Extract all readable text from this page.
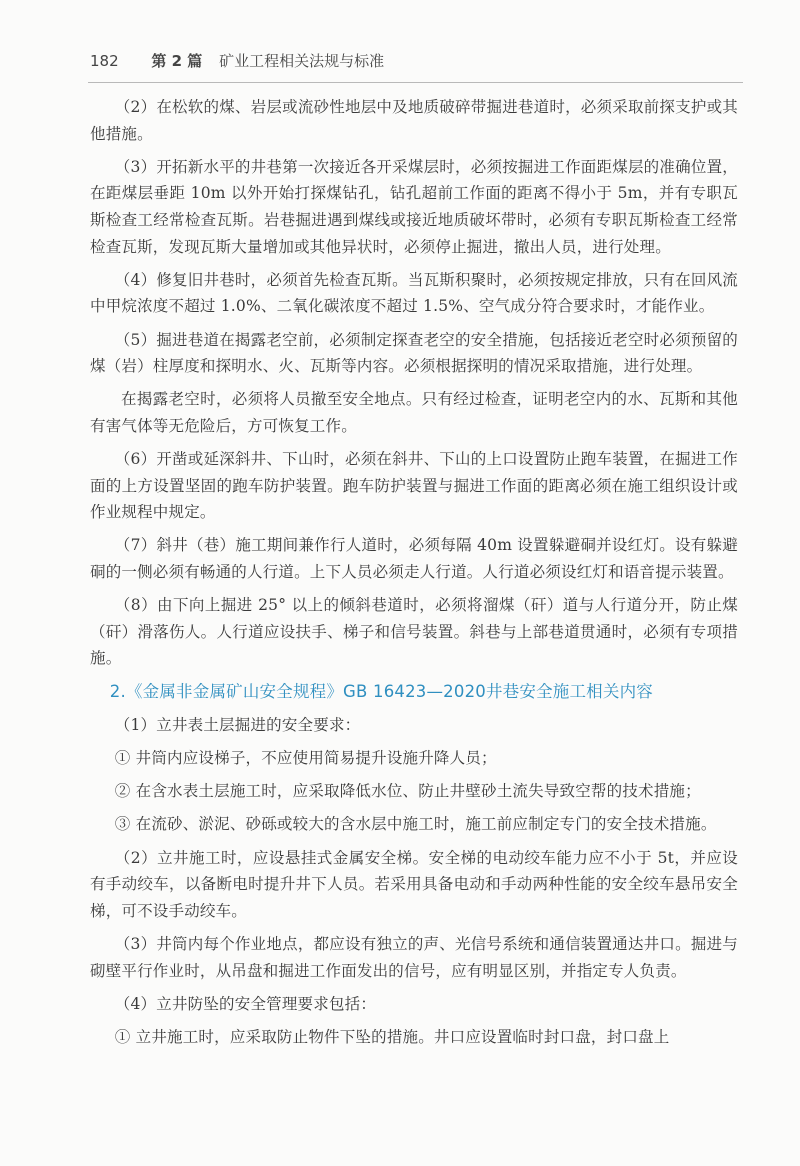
182 第 2 篇 矿业工程相关法规与标准

（2）在松软的煤、岩层或流砂性地层中及地质破碎带掘进巷道时，必须采取前探支护或其他措施。

（3）开拓新水平的井巷第一次接近各开采煤层时，必须按掘进工作面距煤层的准确位置，在距煤层垂距 10m 以外开始打探煤钻孔，钻孔超前工作面的距离不得小于 5m，并有专职瓦斯检查工经常检查瓦斯。岩巷掘进遇到煤线或接近地质破坏带时，必须有专职瓦斯检查工经常检查瓦斯，发现瓦斯大量增加或其他异状时，必须停止掘进，撤出人员，进行处理。

（4）修复旧井巷时，必须首先检查瓦斯。当瓦斯积聚时，必须按规定排放，只有在回风流中甲烷浓度不超过 1.0%、二氧化碳浓度不超过 1.5%、空气成分符合要求时，才能作业。

（5）掘进巷道在揭露老空前，必须制定探查老空的安全措施，包括接近老空时必须预留的煤（岩）柱厚度和探明水、火、瓦斯等内容。必须根据探明的情况采取措施，进行处理。

在揭露老空时，必须将人员撤至安全地点。只有经过检查，证明老空内的水、瓦斯和其他有害气体等无危险后，方可恢复工作。

（6）开凿或延深斜井、下山时，必须在斜井、下山的上口设置防止跑车装置，在掘进工作面的上方设置坚固的跑车防护装置。跑车防护装置与掘进工作面的距离必须在施工组织设计或作业规程中规定。

（7）斜井（巷）施工期间兼作行人道时，必须每隔 40m 设置躲避硐并设红灯。设有躲避硐的一侧必须有畅通的人行道。上下人员必须走人行道。人行道必须设红灯和语音提示装置。

（8）由下向上掘进 25° 以上的倾斜巷道时，必须将溜煤（矸）道与人行道分开，防止煤（矸）滑落伤人。人行道应设扶手、梯子和信号装置。斜巷与上部巷道贯通时，必须有专项措施。

2.《金属非金属矿山安全规程》GB 16423—2020井巷安全施工相关内容

（1）立井表土层掘进的安全要求：

① 井筒内应设梯子，不应使用简易提升设施升降人员；

② 在含水表土层施工时，应采取降低水位、防止井壁砂土流失导致空帮的技术措施；

③ 在流砂、淤泥、砂砾或较大的含水层中施工时，施工前应制定专门的安全技术措施。

（2）立井施工时，应设悬挂式金属安全梯。安全梯的电动绞车能力应不小于 5t，并应设有手动绞车，以备断电时提升井下人员。若采用具备电动和手动两种性能的安全绞车悬吊安全梯，可不设手动绞车。

（3）井筒内每个作业地点，都应设有独立的声、光信号系统和通信装置通达井口。掘进与砌壁平行作业时，从吊盘和掘进工作面发出的信号，应有明显区别，并指定专人负责。

（4）立井防坠的安全管理要求包括：

① 立井施工时，应采取防止物件下坠的措施。井口应设置临时封口盘，封口盘上
